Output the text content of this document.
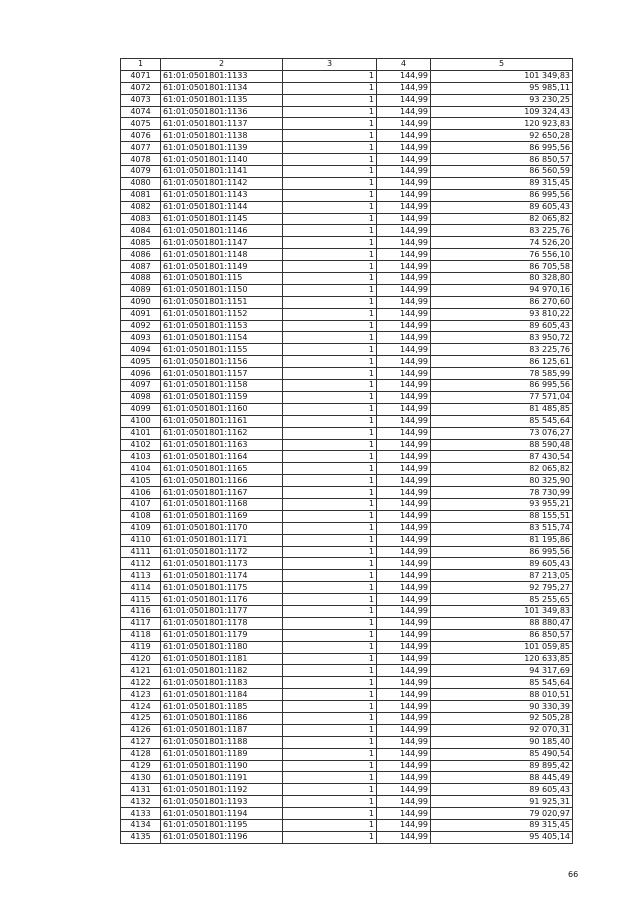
1	2	3	4	5
4071	61:01:0501801:1133	1	144,99	101 349,83
4072	61:01:0501801:1134	1	144,99	95 985,11
4073	61:01:0501801:1135	1	144,99	93 230,25
4074	61:01:0501801:1136	1	144,99	109 324,43
4075	61:01:0501801:1137	1	144,99	120 923,83
4076	61:01:0501801:1138	1	144,99	92 650,28
4077	61:01:0501801:1139	1	144,99	86 995,56
4078	61:01:0501801:1140	1	144,99	86 850,57
4079	61:01:0501801:1141	1	144,99	86 560,59
4080	61:01:0501801:1142	1	144,99	89 315,45
4081	61:01:0501801:1143	1	144,99	86 995,56
4082	61:01:0501801:1144	1	144,99	89 605,43
4083	61:01:0501801:1145	1	144,99	82 065,82
4084	61:01:0501801:1146	1	144,99	83 225,76
4085	61:01:0501801:1147	1	144,99	74 526,20
4086	61:01:0501801:1148	1	144,99	76 556,10
4087	61:01:0501801:1149	1	144,99	86 705,58
4088	61:01:0501801:115	1	144,99	80 328,80
4089	61:01:0501801:1150	1	144,99	94 970,16
4090	61:01:0501801:1151	1	144,99	86 270,60
4091	61:01:0501801:1152	1	144,99	93 810,22
4092	61:01:0501801:1153	1	144,99	89 605,43
4093	61:01:0501801:1154	1	144,99	83 950,72
4094	61:01:0501801:1155	1	144,99	83 225,76
4095	61:01:0501801:1156	1	144,99	86 125,61
4096	61:01:0501801:1157	1	144,99	78 585,99
4097	61:01:0501801:1158	1	144,99	86 995,56
4098	61:01:0501801:1159	1	144,99	77 571,04
4099	61:01:0501801:1160	1	144,99	81 485,85
4100	61:01:0501801:1161	1	144,99	85 545,64
4101	61:01:0501801:1162	1	144,99	73 076,27
4102	61:01:0501801:1163	1	144,99	88 590,48
4103	61:01:0501801:1164	1	144,99	87 430,54
4104	61:01:0501801:1165	1	144,99	82 065,82
4105	61:01:0501801:1166	1	144,99	80 325,90
4106	61:01:0501801:1167	1	144,99	78 730,99
4107	61:01:0501801:1168	1	144,99	93 955,21
4108	61:01:0501801:1169	1	144,99	88 155,51
4109	61:01:0501801:1170	1	144,99	83 515,74
4110	61:01:0501801:1171	1	144,99	81 195,86
4111	61:01:0501801:1172	1	144,99	86 995,56
4112	61:01:0501801:1173	1	144,99	89 605,43
4113	61:01:0501801:1174	1	144,99	87 213,05
4114	61:01:0501801:1175	1	144,99	92 795,27
4115	61:01:0501801:1176	1	144,99	85 255,65
4116	61:01:0501801:1177	1	144,99	101 349,83
4117	61:01:0501801:1178	1	144,99	88 880,47
4118	61:01:0501801:1179	1	144,99	86 850,57
4119	61:01:0501801:1180	1	144,99	101 059,85
4120	61:01:0501801:1181	1	144,99	120 633,85
4121	61:01:0501801:1182	1	144,99	94 317,69
4122	61:01:0501801:1183	1	144,99	85 545,64
4123	61:01:0501801:1184	1	144,99	88 010,51
4124	61:01:0501801:1185	1	144,99	90 330,39
4125	61:01:0501801:1186	1	144,99	92 505,28
4126	61:01:0501801:1187	1	144,99	92 070,31
4127	61:01:0501801:1188	1	144,99	90 185,40
4128	61:01:0501801:1189	1	144,99	85 490,54
4129	61:01:0501801:1190	1	144,99	89 895,42
4130	61:01:0501801:1191	1	144,99	88 445,49
4131	61:01:0501801:1192	1	144,99	89 605,43
4132	61:01:0501801:1193	1	144,99	91 925,31
4133	61:01:0501801:1194	1	144,99	79 020,97
4134	61:01:0501801:1195	1	144,99	89 315,45
4135	61:01:0501801:1196	1	144,99	95 405,14
66
